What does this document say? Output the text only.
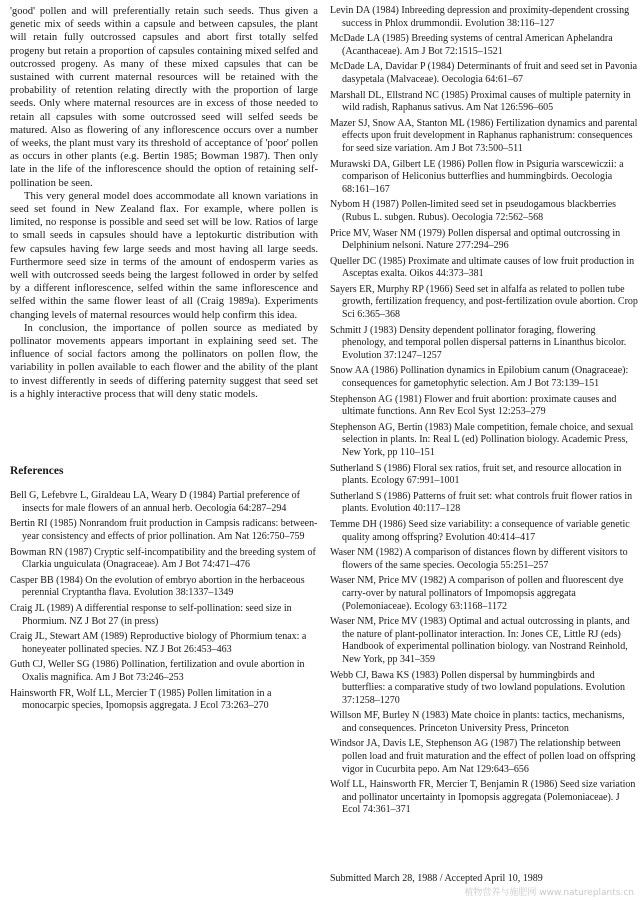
'good' pollen and will preferentially retain such seeds. Thus given a genetic mix of seeds within a capsule and between capsules, the plant will retain fully outcrossed capsules and abort first totally selfed progeny but retain a proportion of capsules containing mixed selfed and outcrossed progeny. As many of these mixed capsules that can be sustained with current maternal resources will be retained with the probability of retention relating directly with the proportion of large seeds. Only where maternal resources are in excess of those needed to retain all capsules with some outcrossed seed will selfed seeds be matured. Also as flowering of any inflorescence occurs over a number of weeks, the plant must vary its threshold of acceptance of 'poor' pollen as occurs in other plants (e.g. Bertin 1985; Bowman 1987). Then only late in the life of the inflorescence should the option of retaining self-pollination be seen.

This very general model does accommodate all known variations in seed set found in New Zealand flax. For example, where pollen is limited, no response is possible and seed set will be low. Ratios of large to small seeds in capsules should have a leptokurtic distribution with few capsules having few large seeds and most having all large seeds. Furthermore seed size in terms of the amount of endosperm varies as well with outcrossed seeds being the largest followed in order by selfed by a different inflorescence, selfed within the same inflorescence and selfed within the same flower least of all (Craig 1989a). Experiments changing levels of maternal resources would help confirm this idea.

In conclusion, the importance of pollen source as mediated by pollinator movements appears important in explaining seed set. The influence of social factors among the pollinators on pollen flow, the variability in pollen available to each flower and the ability of the plant to invest differently in seeds of differing paternity suggest that seed set is a highly interactive process that will deny static models.

References

Bell G, Lefebvre L, Giraldeau LA, Weary D (1984) Partial preference of insects for male flowers of an annual herb. Oecologia 64:287–294

Bertin RI (1985) Nonrandom fruit production in Campsis radicans: between-year consistency and effects of prior pollination. Am Nat 126:750–759

Bowman RN (1987) Cryptic self-incompatibility and the breeding system of Clarkia unguiculata (Onagraceae). Am J Bot 74:471–476

Casper BB (1984) On the evolution of embryo abortion in the herbaceous perennial Cryptantha flava. Evolution 38:1337–1349

Craig JL (1989) A differential response to self-pollination: seed size in Phormium. NZ J Bot 27 (in press)

Craig JL, Stewart AM (1989) Reproductive biology of Phormium tenax: a honeyeater pollinated species. NZ J Bot 26:453–463

Guth CJ, Weller SG (1986) Pollination, fertilization and ovule abortion in Oxalis magnifica. Am J Bot 73:246–253

Hainsworth FR, Wolf LL, Mercier T (1985) Pollen limitation in a monocarpic species, Ipomopsis aggregata. J Ecol 73:263–270

Levin DA (1984) Inbreeding depression and proximity-dependent crossing success in Phlox drummondii. Evolution 38:116–127

McDade LA (1985) Breeding systems of central American Aphelandra (Acanthaceae). Am J Bot 72:1515–1521

McDade LA, Davidar P (1984) Determinants of fruit and seed set in Pavonia dasypetala (Malvaceae). Oecologia 64:61–67

Marshall DL, Ellstrand NC (1985) Proximal causes of multiple paternity in wild radish, Raphanus sativus. Am Nat 126:596–605

Mazer SJ, Snow AA, Stanton ML (1986) Fertilization dynamics and parental effects upon fruit development in Raphanus raphanistrum: consequences for seed size variation. Am J Bot 73:500–511

Murawski DA, Gilbert LE (1986) Pollen flow in Psiguria warscewiczii: a comparison of Heliconius butterflies and hummingbirds. Oecologia 68:161–167

Nybom H (1987) Pollen-limited seed set in pseudogamous blackberries (Rubus L. subgen. Rubus). Oecologia 72:562–568

Price MV, Waser NM (1979) Pollen dispersal and optimal outcrossing in Delphinium nelsoni. Nature 277:294–296

Queller DC (1985) Proximate and ultimate causes of low fruit production in Asceptas exalta. Oikos 44:373–381

Sayers ER, Murphy RP (1966) Seed set in alfalfa as related to pollen tube growth, fertilization frequency, and post-fertilization ovule abortion. Crop Sci 6:365–368

Schmitt J (1983) Density dependent pollinator foraging, flowering phenology, and temporal pollen dispersal patterns in Linanthus bicolor. Evolution 37:1247–1257

Snow AA (1986) Pollination dynamics in Epilobium canum (Onagraceae): consequences for gametophytic selection. Am J Bot 73:139–151

Stephenson AG (1981) Flower and fruit abortion: proximate causes and ultimate functions. Ann Rev Ecol Syst 12:253–279

Stephenson AG, Bertin (1983) Male competition, female choice, and sexual selection in plants. In: Real L (ed) Pollination biology. Academic Press, New York, pp 110–151

Sutherland S (1986) Floral sex ratios, fruit set, and resource allocation in plants. Ecology 67:991–1001

Sutherland S (1986) Patterns of fruit set: what controls fruit flower ratios in plants. Evolution 40:117–128

Temme DH (1986) Seed size variability: a consequence of variable genetic quality among offspring? Evolution 40:414–417

Waser NM (1982) A comparison of distances flown by different visitors to flowers of the same species. Oecologia 55:251–257

Waser NM, Price MV (1982) A comparison of pollen and fluorescent dye carry-over by natural pollinators of Impomopsis aggregata (Polemoniaceae). Ecology 63:1168–1172

Waser NM, Price MV (1983) Optimal and actual outcrossing in plants, and the nature of plant-pollinator interaction. In: Jones CE, Little RJ (eds) Handbook of experimental pollination biology. van Nostrand Reinhold, New York, pp 341–359

Webb CJ, Bawa KS (1983) Pollen dispersal by hummingbirds and butterflies: a comparative study of two lowland populations. Evolution 37:1258–1270

Willson MF, Burley N (1983) Mate choice in plants: tactics, mechanisms, and consequences. Princeton University Press, Princeton

Windsor JA, Davis LE, Stephenson AG (1987) The relationship between pollen load and fruit maturation and the effect of pollen load on offspring vigor in Cucurbita pepo. Am Nat 129:643–656

Wolf LL, Hainsworth FR, Mercier T, Benjamin R (1986) Seed size variation and pollinator uncertainty in Ipomopsis aggregata (Polemoniaceae). J Ecol 74:361–371

Submitted March 28, 1988 / Accepted April 10, 1989
植物营养与施肥网 www.natureplants.cn
